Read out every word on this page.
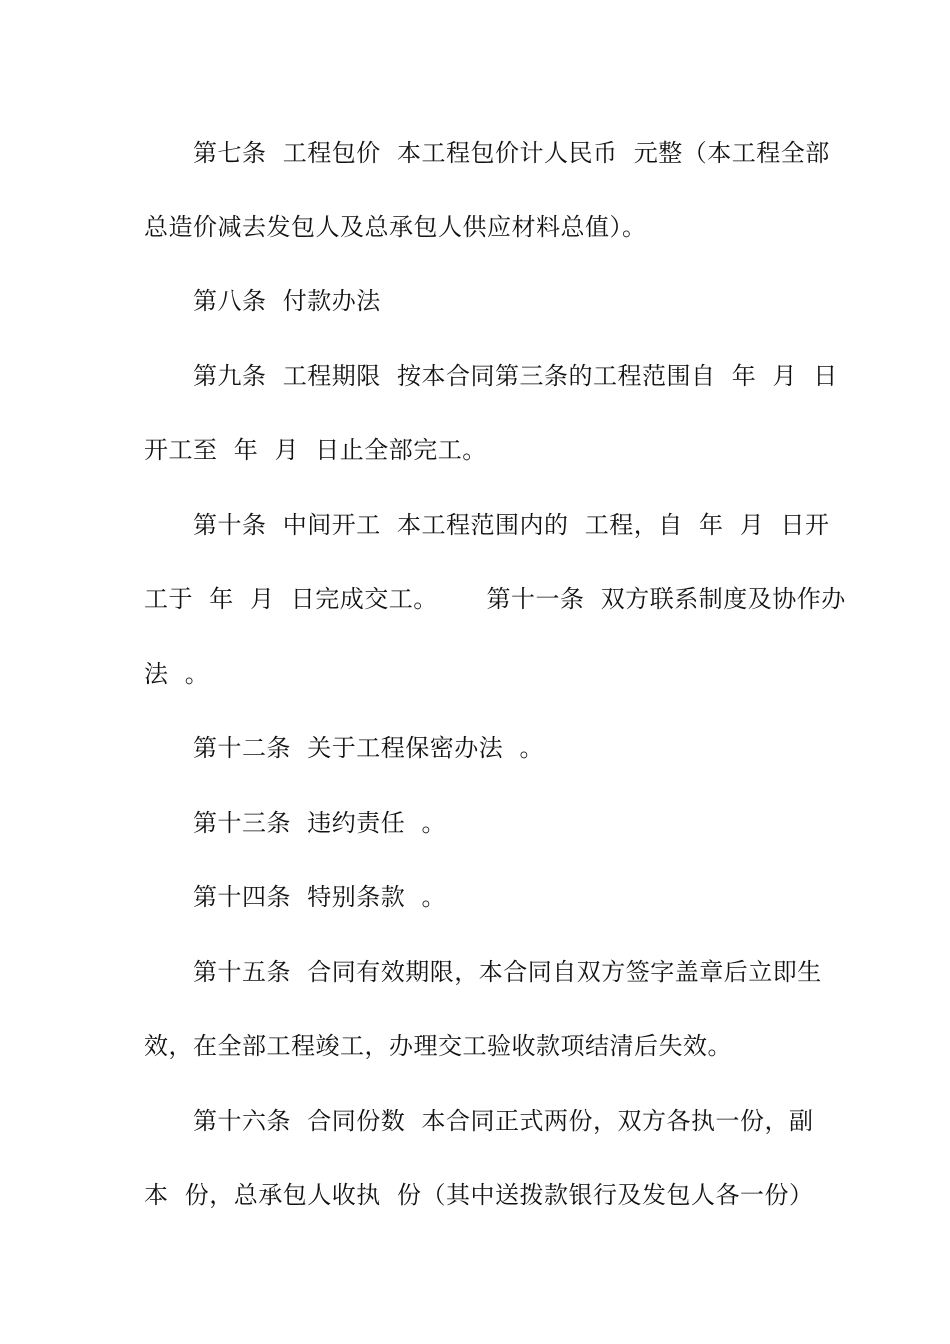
第七条  工程包价  本工程包价计人民币  元整（本工程全部
总造价减去发包人及总承包人供应材料总值）。
第八条  付款办法
第九条  工程期限  按本合同第三条的工程范围自  年  月  日
开工至  年  月  日止全部完工。
第十条  中间开工  本工程范围内的  工程，自  年  月  日开
工于  年  月  日完成交工。      第十一条  双方联系制度及协作办
法  。
第十二条  关于工程保密办法  。
第十三条  违约责任  。
第十四条  特别条款  。
第十五条  合同有效期限，本合同自双方签字盖章后立即生
效，在全部工程竣工，办理交工验收款项结清后失效。
第十六条  合同份数  本合同正式两份，双方各执一份，副
本  份，总承包人收执  份（其中送拨款银行及发包人各一份）
